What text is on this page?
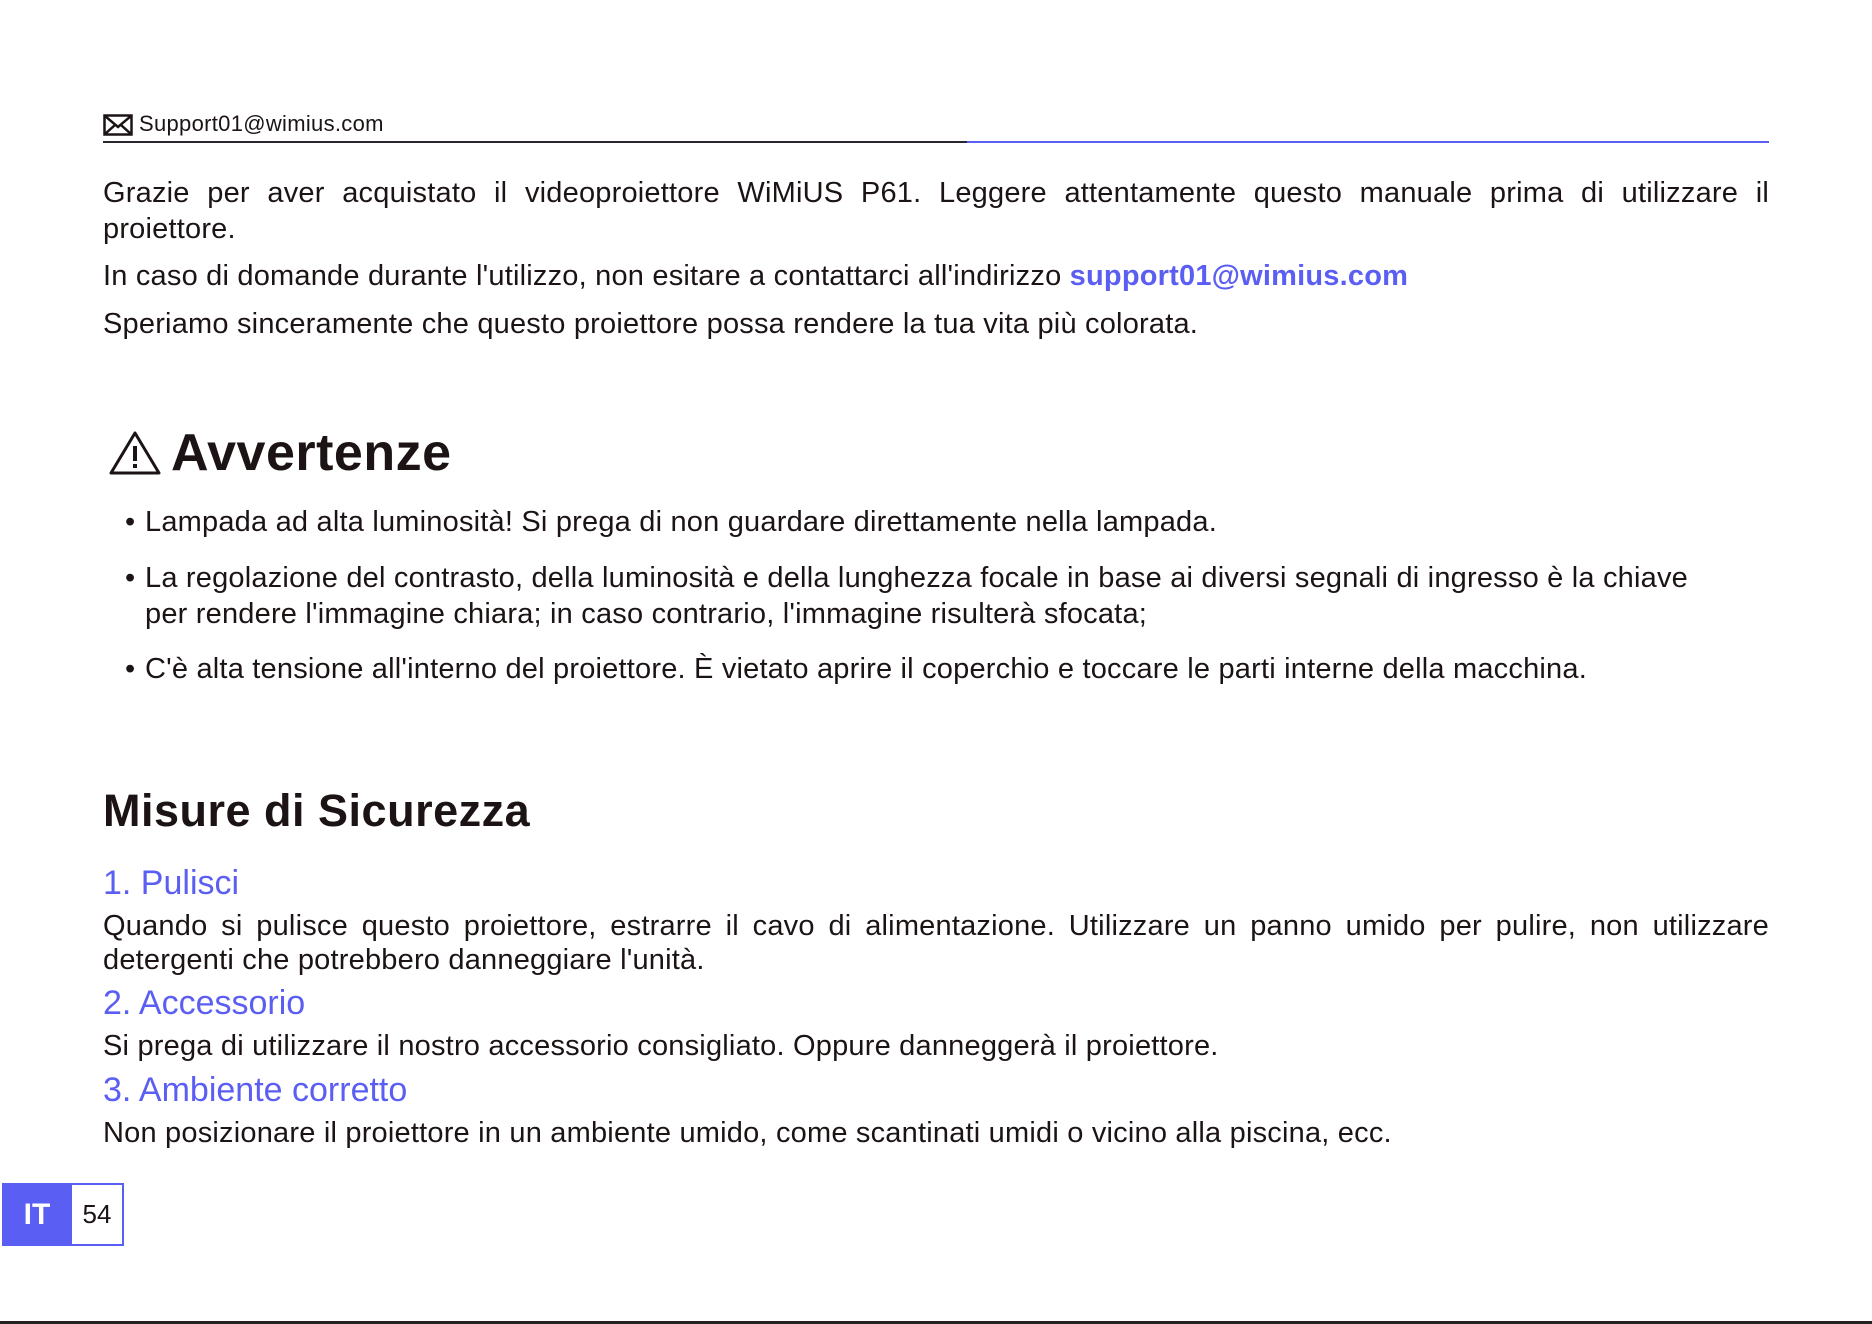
Support01@wimius.com

Grazie per aver acquistato il videoproiettore WiMiUS P61. Leggere attentamente questo manuale prima di utilizzare il proiettore.

In caso di domande durante l'utilizzo, non esitare a contattarci all'indirizzo support01@wimius.com

Speriamo sinceramente che questo proiettore possa rendere la tua vita più colorata.

Avvertenze
• Lampada ad alta luminosità! Si prega di non guardare direttamente nella lampada.
• La regolazione del contrasto, della luminosità e della lunghezza focale in base ai diversi segnali di ingresso è la chiave per rendere l'immagine chiara; in caso contrario, l'immagine risulterà sfocata;
• C'è alta tensione all'interno del proiettore. È vietato aprire il coperchio e toccare le parti interne della macchina.
Misure di Sicurezza
1. Pulisci

Quando si pulisce questo proiettore, estrarre il cavo di alimentazione. Utilizzare un panno umido per pulire, non utilizzare detergenti che potrebbero danneggiare l'unità.

2. Accessorio

Si prega di utilizzare il nostro accessorio consigliato. Oppure danneggerà il proiettore.

3. Ambiente corretto

Non posizionare il proiettore in un ambiente umido, come scantinati umidi o vicino alla piscina, ecc.

IT	54
